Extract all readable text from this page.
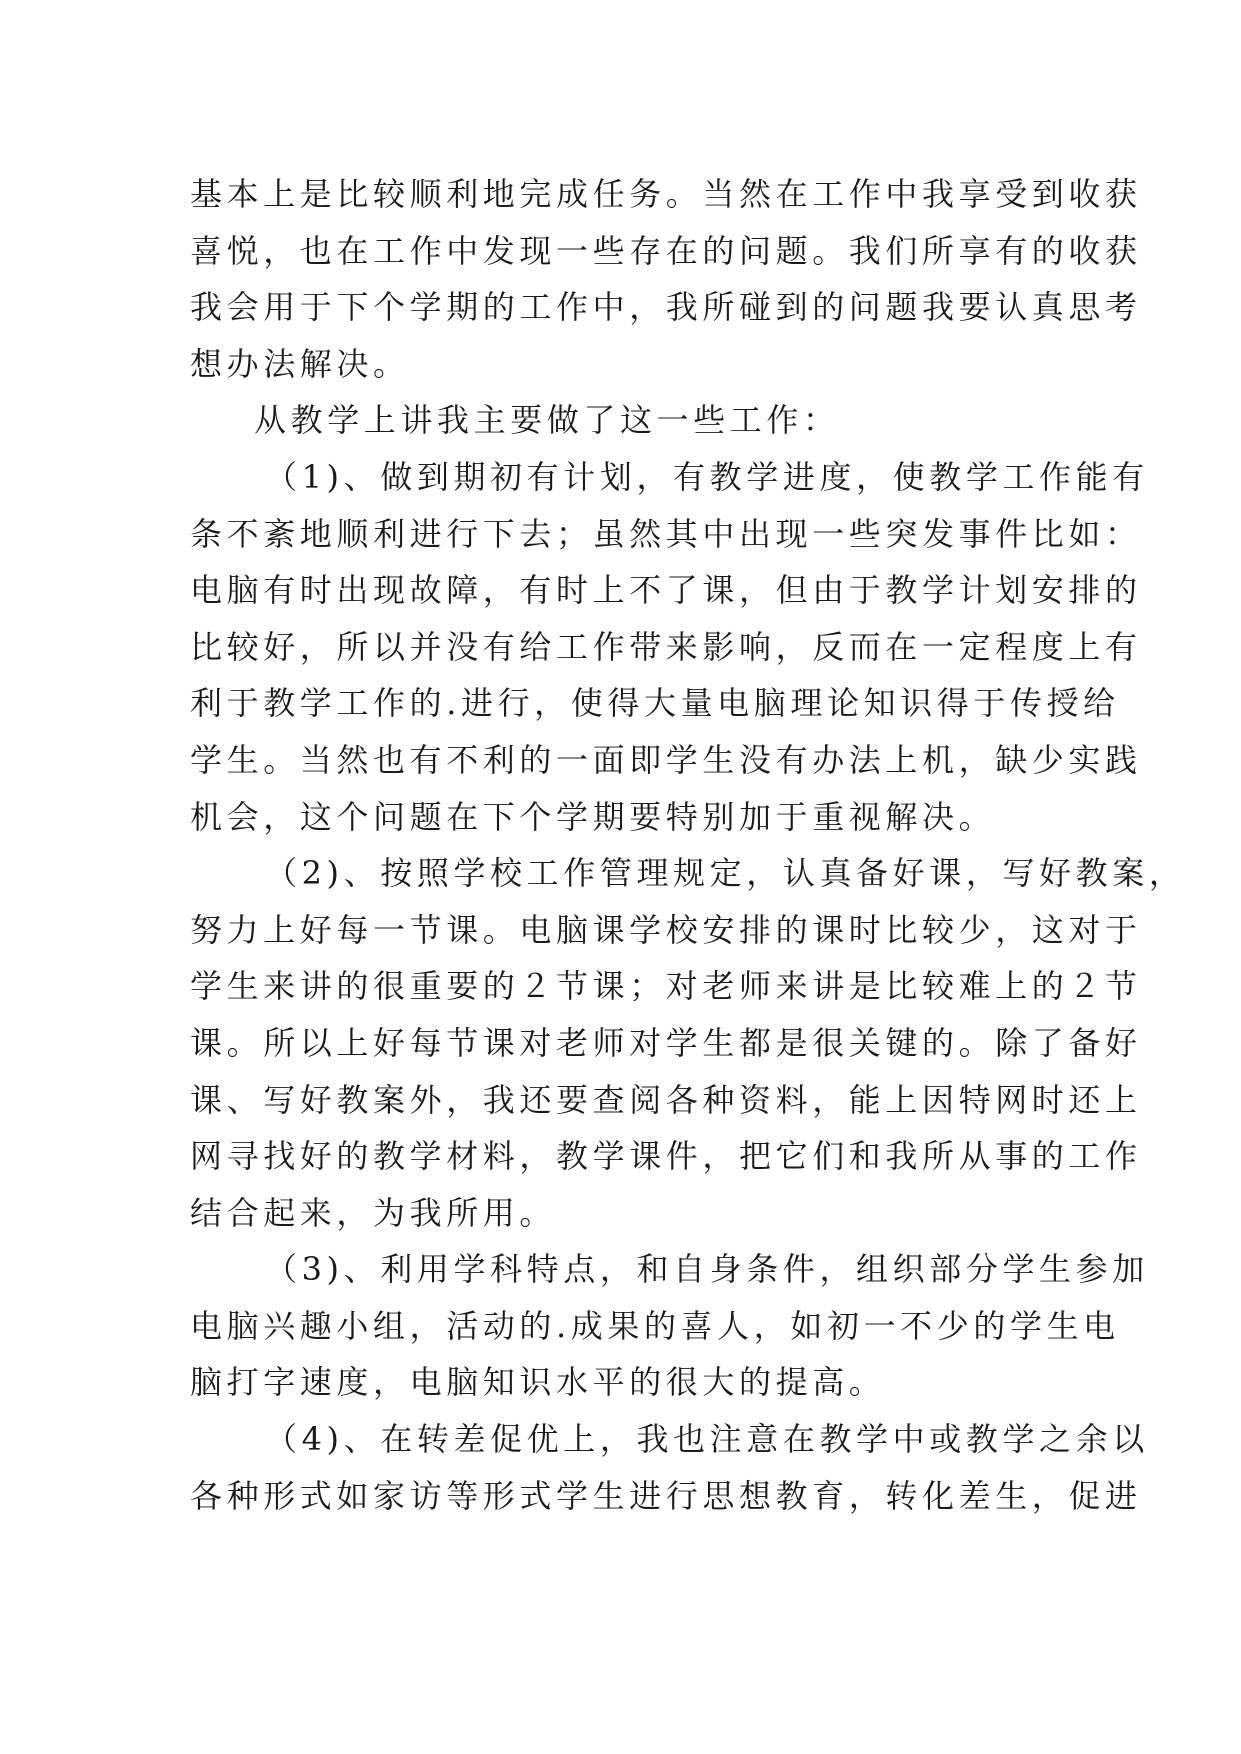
基本上是比较顺利地完成任务。当然在工作中我享受到收获
喜悦，也在工作中发现一些存在的问题。我们所享有的收获
我会用于下个学期的工作中，我所碰到的问题我要认真思考
想办法解决。
从教学上讲我主要做了这一些工作：
（1)、做到期初有计划，有教学进度，使教学工作能有
条不紊地顺利进行下去；虽然其中出现一些突发事件比如：
电脑有时出现故障，有时上不了课，但由于教学计划安排的
比较好，所以并没有给工作带来影响，反而在一定程度上有
利于教学工作的.进行，使得大量电脑理论知识得于传授给
学生。当然也有不利的一面即学生没有办法上机，缺少实践
机会，这个问题在下个学期要特别加于重视解决。
（2)、按照学校工作管理规定，认真备好课，写好教案，
努力上好每一节课。电脑课学校安排的课时比较少，这对于
学生来讲的很重要的２节课；对老师来讲是比较难上的２节
课。所以上好每节课对老师对学生都是很关键的。除了备好
课、写好教案外，我还要查阅各种资料，能上因特网时还上
网寻找好的教学材料，教学课件，把它们和我所从事的工作
结合起来，为我所用。
（3)、利用学科特点，和自身条件，组织部分学生参加
电脑兴趣小组，活动的.成果的喜人，如初一不少的学生电
脑打字速度，电脑知识水平的很大的提高。
（4)、在转差促优上，我也注意在教学中或教学之余以
各种形式如家访等形式学生进行思想教育，转化差生，促进
